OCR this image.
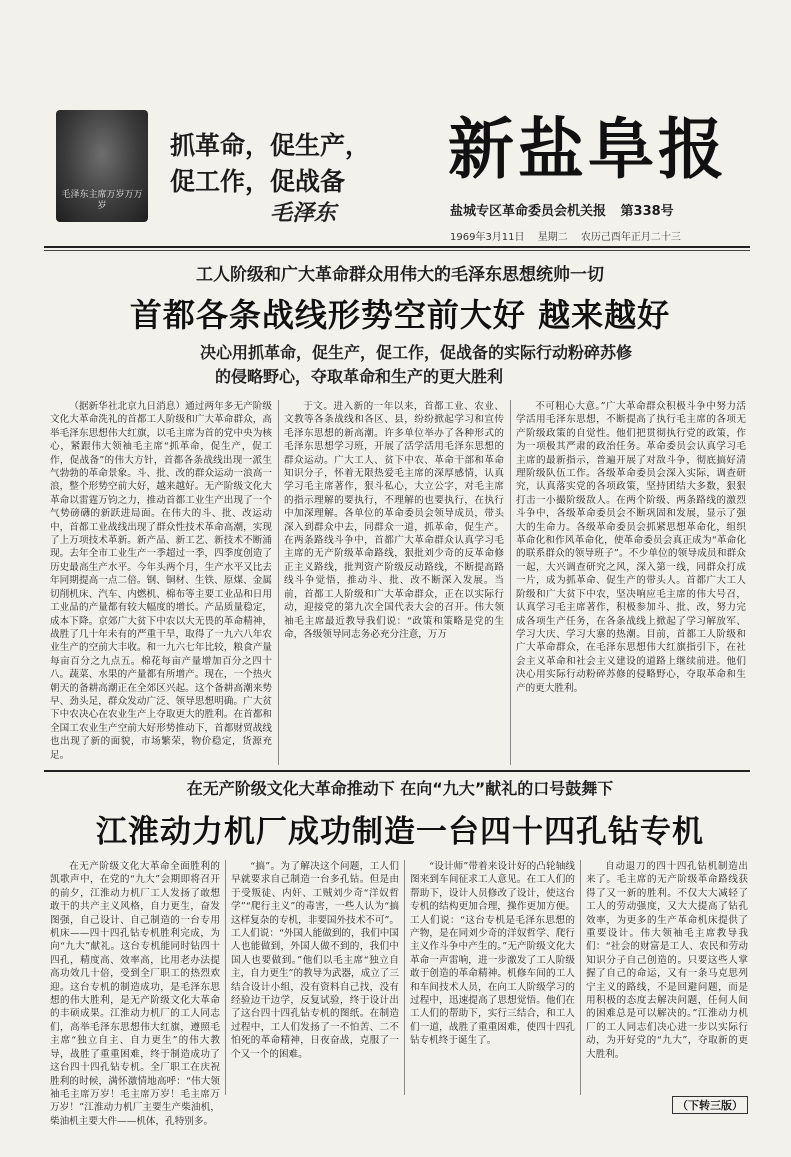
毛泽东主席万岁万万岁
抓革命，促生产，
促工作，促战备
毛泽东
新盐阜报
盐城专区革命委员会机关报 第338号
1969年3月11日 星期二 农历己酉年正月二十三
工人阶级和广大革命群众用伟大的毛泽东思想统帅一切
首都各条战线形势空前大好 越来越好
决心用抓革命，促生产，促工作，促战备的实际行动粉碎苏修
的侵略野心，夺取革命和生产的更大胜利

（据新华社北京九日消息）通过两年多无产阶级文化大革命洗礼的首都工人阶级和广大革命群众，高举毛泽东思想伟大红旗，以毛主席为首的党中央为核心，紧跟伟大领袖毛主席“抓革命，促生产，促工作，促战备”的伟大方针，首都各条战线出现一派生气勃勃的革命景象。斗、批、改的群众运动一浪高一浪，整个形势空前大好，越来越好。无产阶级文化大革命以雷霆万钧之力，推动首都工业生产出现了一个气势磅礴的新跃进局面。在伟大的斗、批、改运动中，首都工业战线出现了群众性技术革命高潮，实现了上万项技术革新。新产品、新工艺、新技术不断涌现。去年全市工业生产一季超过一季，四季度创造了历史最高生产水平。今年头两个月，生产水平又比去年同期提高一点二倍。钢、铜材、生铁、原煤、金属切削机床、汽车、内燃机、棉布等主要工业品和日用工业品的产量都有较大幅度的增长。产品质量稳定，成本下降。京郊广大贫下中农以大无畏的革命精神，战胜了几十年未有的严重干旱，取得了一九六八年农业生产的空前大丰收。和一九六七年比较，粮食产量每亩百分之九点五。棉花每亩产量增加百分之四十八。蔬菜、水果的产量都有所增产。现在，一个热火朝天的备耕高潮正在全郊区兴起。这个备耕高潮来势早、劲头足，群众发动广泛、领导思想明确。广大贫下中农决心在农业生产上夺取更大的胜利。在首都和全国工农业生产空前大好形势推动下，首都财贸战线也出现了新的面貌，市场繁荣，物价稳定，货源充足。

于文。进入新的一年以来，首都工业、农业、文教等各条战线和各区、县，纷纷掀起学习和宣传毛泽东思想的新高潮。许多单位举办了各种形式的毛泽东思想学习班，开展了活学活用毛泽东思想的群众运动。广大工人、贫下中农、革命干部和革命知识分子，怀着无限热爱毛主席的深厚感情，认真学习毛主席著作，狠斗私心，大立公字，对毛主席的指示理解的要执行，不理解的也要执行，在执行中加深理解。各单位的革命委员会领导成员，带头深入到群众中去，同群众一道，抓革命，促生产。在两条路线斗争中，首都广大革命群众认真学习毛主席的无产阶级革命路线，狠批刘少奇的反革命修正主义路线，批判资产阶级反动路线，不断提高路线斗争觉悟，推动斗、批、改不断深入发展。当前，首都工人阶级和广大革命群众，正在以实际行动，迎接党的第九次全国代表大会的召开。伟大领袖毛主席最近教导我们说：“政策和策略是党的生命，各级领导同志务必充分注意，万万

不可粗心大意。”广大革命群众积极斗争中努力活学活用毛泽东思想，不断提高了执行毛主席的各项无产阶级政策的自觉性。他们把贯彻执行党的政策，作为一项极其严肃的政治任务。革命委员会认真学习毛主席的最新指示，普遍开展了对敌斗争，彻底搞好清理阶级队伍工作。各级革命委员会深入实际，调查研究，认真落实党的各项政策，坚持团结大多数，狠狠打击一小撮阶级敌人。在两个阶级、两条路线的激烈斗争中，各级革命委员会不断巩固和发展，显示了强大的生命力。各级革命委员会抓紧思想革命化，组织革命化和作风革命化，使革命委员会真正成为“革命化的联系群众的领导班子”。不少单位的领导成员和群众一起，大兴调查研究之风，深入第一线，同群众打成一片，成为抓革命、促生产的带头人。首都广大工人阶级和广大贫下中农，坚决响应毛主席的伟大号召，认真学习毛主席著作，积极参加斗、批、改，努力完成各项生产任务，在各条战线上掀起了学习解放军、学习大庆、学习大寨的热潮。目前，首都工人阶级和广大革命群众，在毛泽东思想伟大红旗指引下，在社会主义革命和社会主义建设的道路上继续前进。他们决心用实际行动粉碎苏修的侵略野心，夺取革命和生产的更大胜利。

在无产阶级文化大革命推动下 在向“九大”献礼的口号鼓舞下
江淮动力机厂成功制造一台四十四孔钻专机

在无产阶级文化大革命全面胜利的凯歌声中，在党的“九大”会期即将召开的前夕，江淮动力机厂工人发扬了敢想敢干的共产主义风格，自力更生，奋发图强，自己设计、自己制造的一台专用机床——四十四孔钻专机胜利完成，为向“九大”献礼。这台专机能同时钻四十四孔，精度高、效率高，比用老办法提高功效几十倍，受到全厂职工的热烈欢迎。这台专机的制造成功，是毛泽东思想的伟大胜利，是无产阶级文化大革命的丰硕成果。江淮动力机厂的工人同志们，高举毛泽东思想伟大红旗，遵照毛主席“独立自主、自力更生”的伟大教导，战胜了重重困难，终于制造成功了这台四十四孔钻专机。全厂职工在庆祝胜利的时候，满怀激情地高呼：“伟大领袖毛主席万岁！毛主席万岁！毛主席万万岁！”江淮动力机厂主要生产柴油机，柴油机主要大件——机体，孔特别多。

“搞”。为了解决这个问题，工人们早就要求自己制造一台多孔钻。但是由于受叛徒、内奸、工贼刘少奇“洋奴哲学”“爬行主义”的毒害，一些人认为“搞这样复杂的专机，非要国外技术不可”。工人们说：“外国人能做到的，我们中国人也能做到，外国人做不到的，我们中国人也要做到。”他们以毛主席“独立自主，自力更生”的教导为武器，成立了三结合设计小组，没有资料自己找，没有经验边干边学，反复试验，终于设计出了这台四十四孔钻专机的图纸。在制造过程中，工人们发扬了一不怕苦、二不怕死的革命精神，日夜奋战，克服了一个又一个的困难。

“设计师”带着来设计好的凸轮轴线图来到车间征求工人意见。在工人们的帮助下，设计人员修改了设计，使这台专机的结构更加合理，操作更加方便。工人们说：“这台专机是毛泽东思想的产物，是在同刘少奇的洋奴哲学、爬行主义作斗争中产生的。”无产阶级文化大革命一声雷响，进一步激发了工人阶级敢于创造的革命精神。机修车间的工人和车间技术人员，在向工人阶级学习的过程中，迅速提高了思想觉悟。他们在工人们的帮助下，实行三结合，和工人们一道，战胜了重重困难，使四十四孔钻专机终于诞生了。

自动退刀的四十四孔钻机制造出来了。毛主席的无产阶级革命路线获得了又一新的胜利。不仅大大减轻了工人的劳动强度，又大大提高了钻孔效率，为更多的生产革命机床提供了重要设计。伟大领袖毛主席教导我们：“社会的财富是工人、农民和劳动知识分子自己创造的。只要这些人掌握了自己的命运，又有一条马克思列宁主义的路线，不是回避问题，而是用积极的态度去解决问题，任何人间的困难总是可以解决的。”江淮动力机厂的工人同志们决心进一步以实际行动，为开好党的“九大”，夺取新的更大胜利。

（下转三版）
